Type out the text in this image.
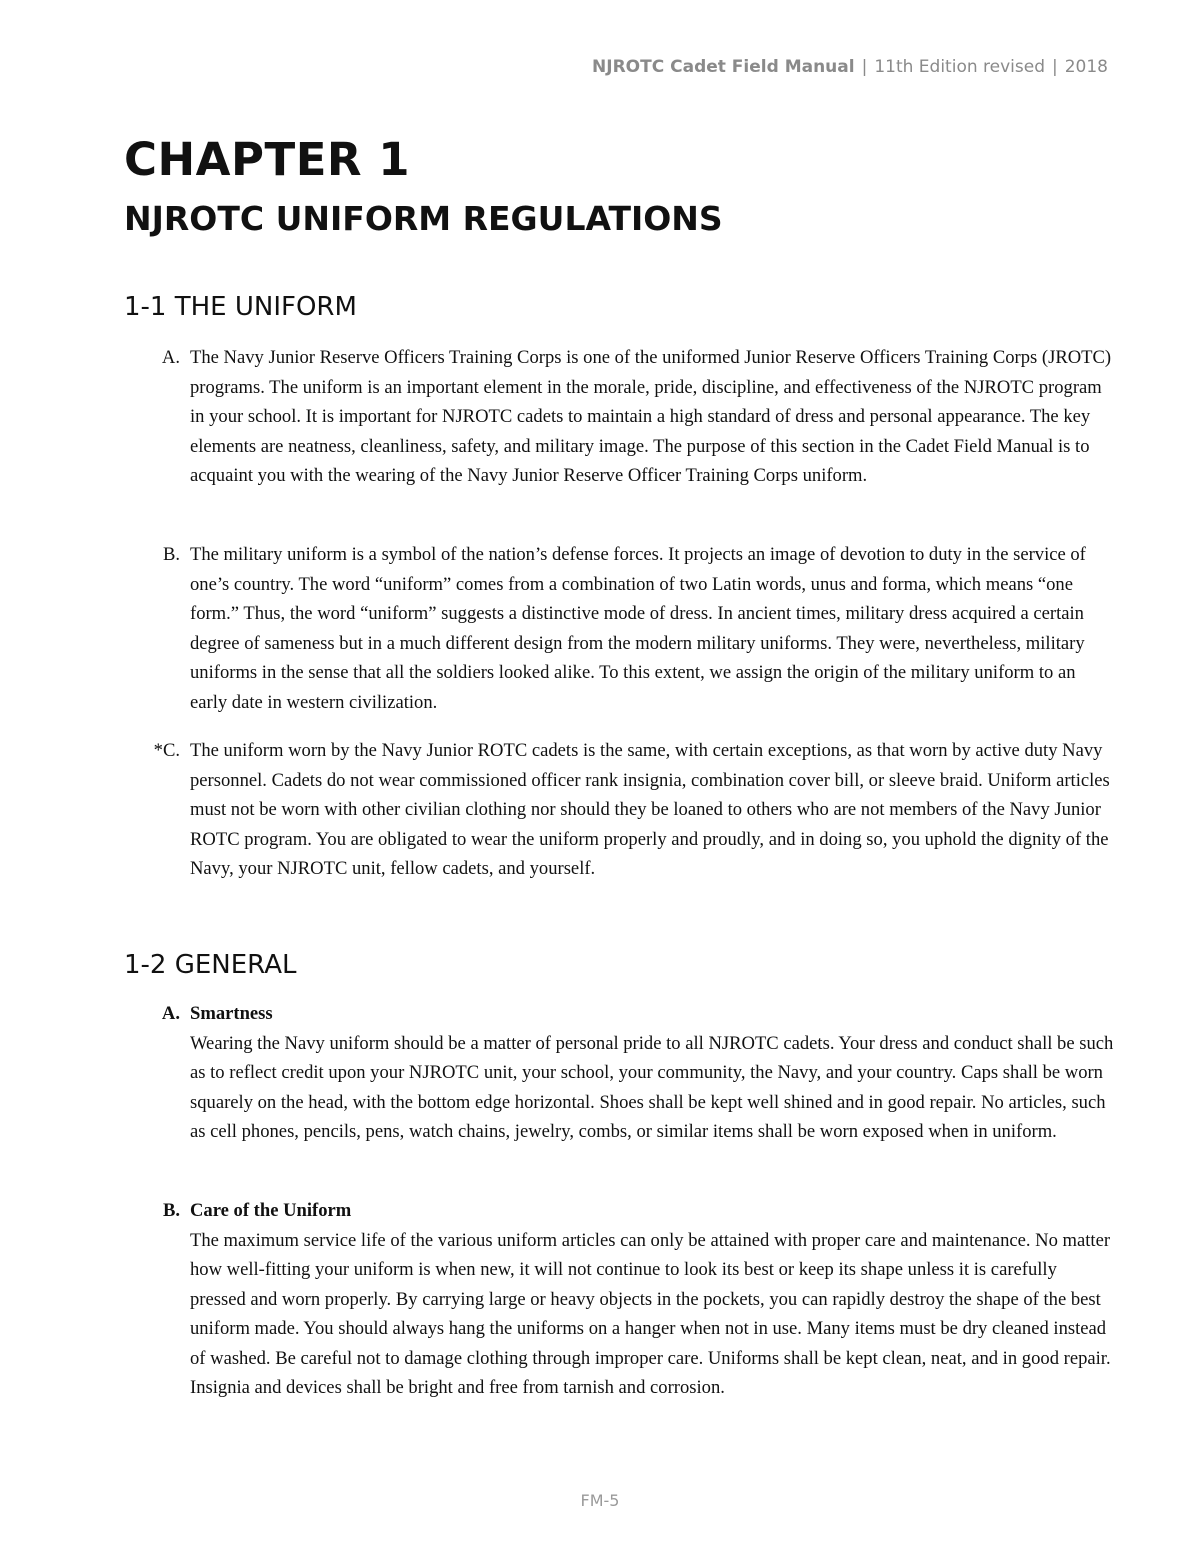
NJROTC Cadet Field Manual | 11th Edition revised | 2018
CHAPTER 1
NJROTC UNIFORM REGULATIONS
1-1 THE UNIFORM
A. The Navy Junior Reserve Officers Training Corps is one of the uniformed Junior Reserve Officers Training Corps (JROTC) programs. The uniform is an important element in the morale, pride, discipline, and effectiveness of the NJROTC program in your school. It is important for NJROTC cadets to maintain a high standard of dress and personal appearance. The key elements are neatness, cleanliness, safety, and military image. The purpose of this section in the Cadet Field Manual is to acquaint you with the wearing of the Navy Junior Reserve Officer Training Corps uniform.
B. The military uniform is a symbol of the nation’s defense forces. It projects an image of devotion to duty in the service of one’s country. The word “uniform” comes from a combination of two Latin words, unus and forma, which means “one form.” Thus, the word “uniform” suggests a distinctive mode of dress. In ancient times, military dress acquired a certain degree of sameness but in a much different design from the modern military uniforms. They were, nevertheless, military uniforms in the sense that all the soldiers looked alike. To this extent, we assign the origin of the military uniform to an early date in western civilization.
*C. The uniform worn by the Navy Junior ROTC cadets is the same, with certain exceptions, as that worn by active duty Navy personnel. Cadets do not wear commissioned officer rank insignia, combination cover bill, or sleeve braid. Uniform articles must not be worn with other civilian clothing nor should they be loaned to others who are not members of the Navy Junior ROTC program. You are obligated to wear the uniform properly and proudly, and in doing so, you uphold the dignity of the Navy, your NJROTC unit, fellow cadets, and yourself.
1-2 GENERAL
A. Smartness
Wearing the Navy uniform should be a matter of personal pride to all NJROTC cadets. Your dress and conduct shall be such as to reflect credit upon your NJROTC unit, your school, your community, the Navy, and your country. Caps shall be worn squarely on the head, with the bottom edge horizontal. Shoes shall be kept well shined and in good repair. No articles, such as cell phones, pencils, pens, watch chains, jewelry, combs, or similar items shall be worn exposed when in uniform.
B. Care of the Uniform
The maximum service life of the various uniform articles can only be attained with proper care and maintenance. No matter how well-fitting your uniform is when new, it will not continue to look its best or keep its shape unless it is carefully pressed and worn properly. By carrying large or heavy objects in the pockets, you can rapidly destroy the shape of the best uniform made. You should always hang the uniforms on a hanger when not in use. Many items must be dry cleaned instead of washed. Be careful not to damage clothing through improper care. Uniforms shall be kept clean, neat, and in good repair. Insignia and devices shall be bright and free from tarnish and corrosion.
FM-5
